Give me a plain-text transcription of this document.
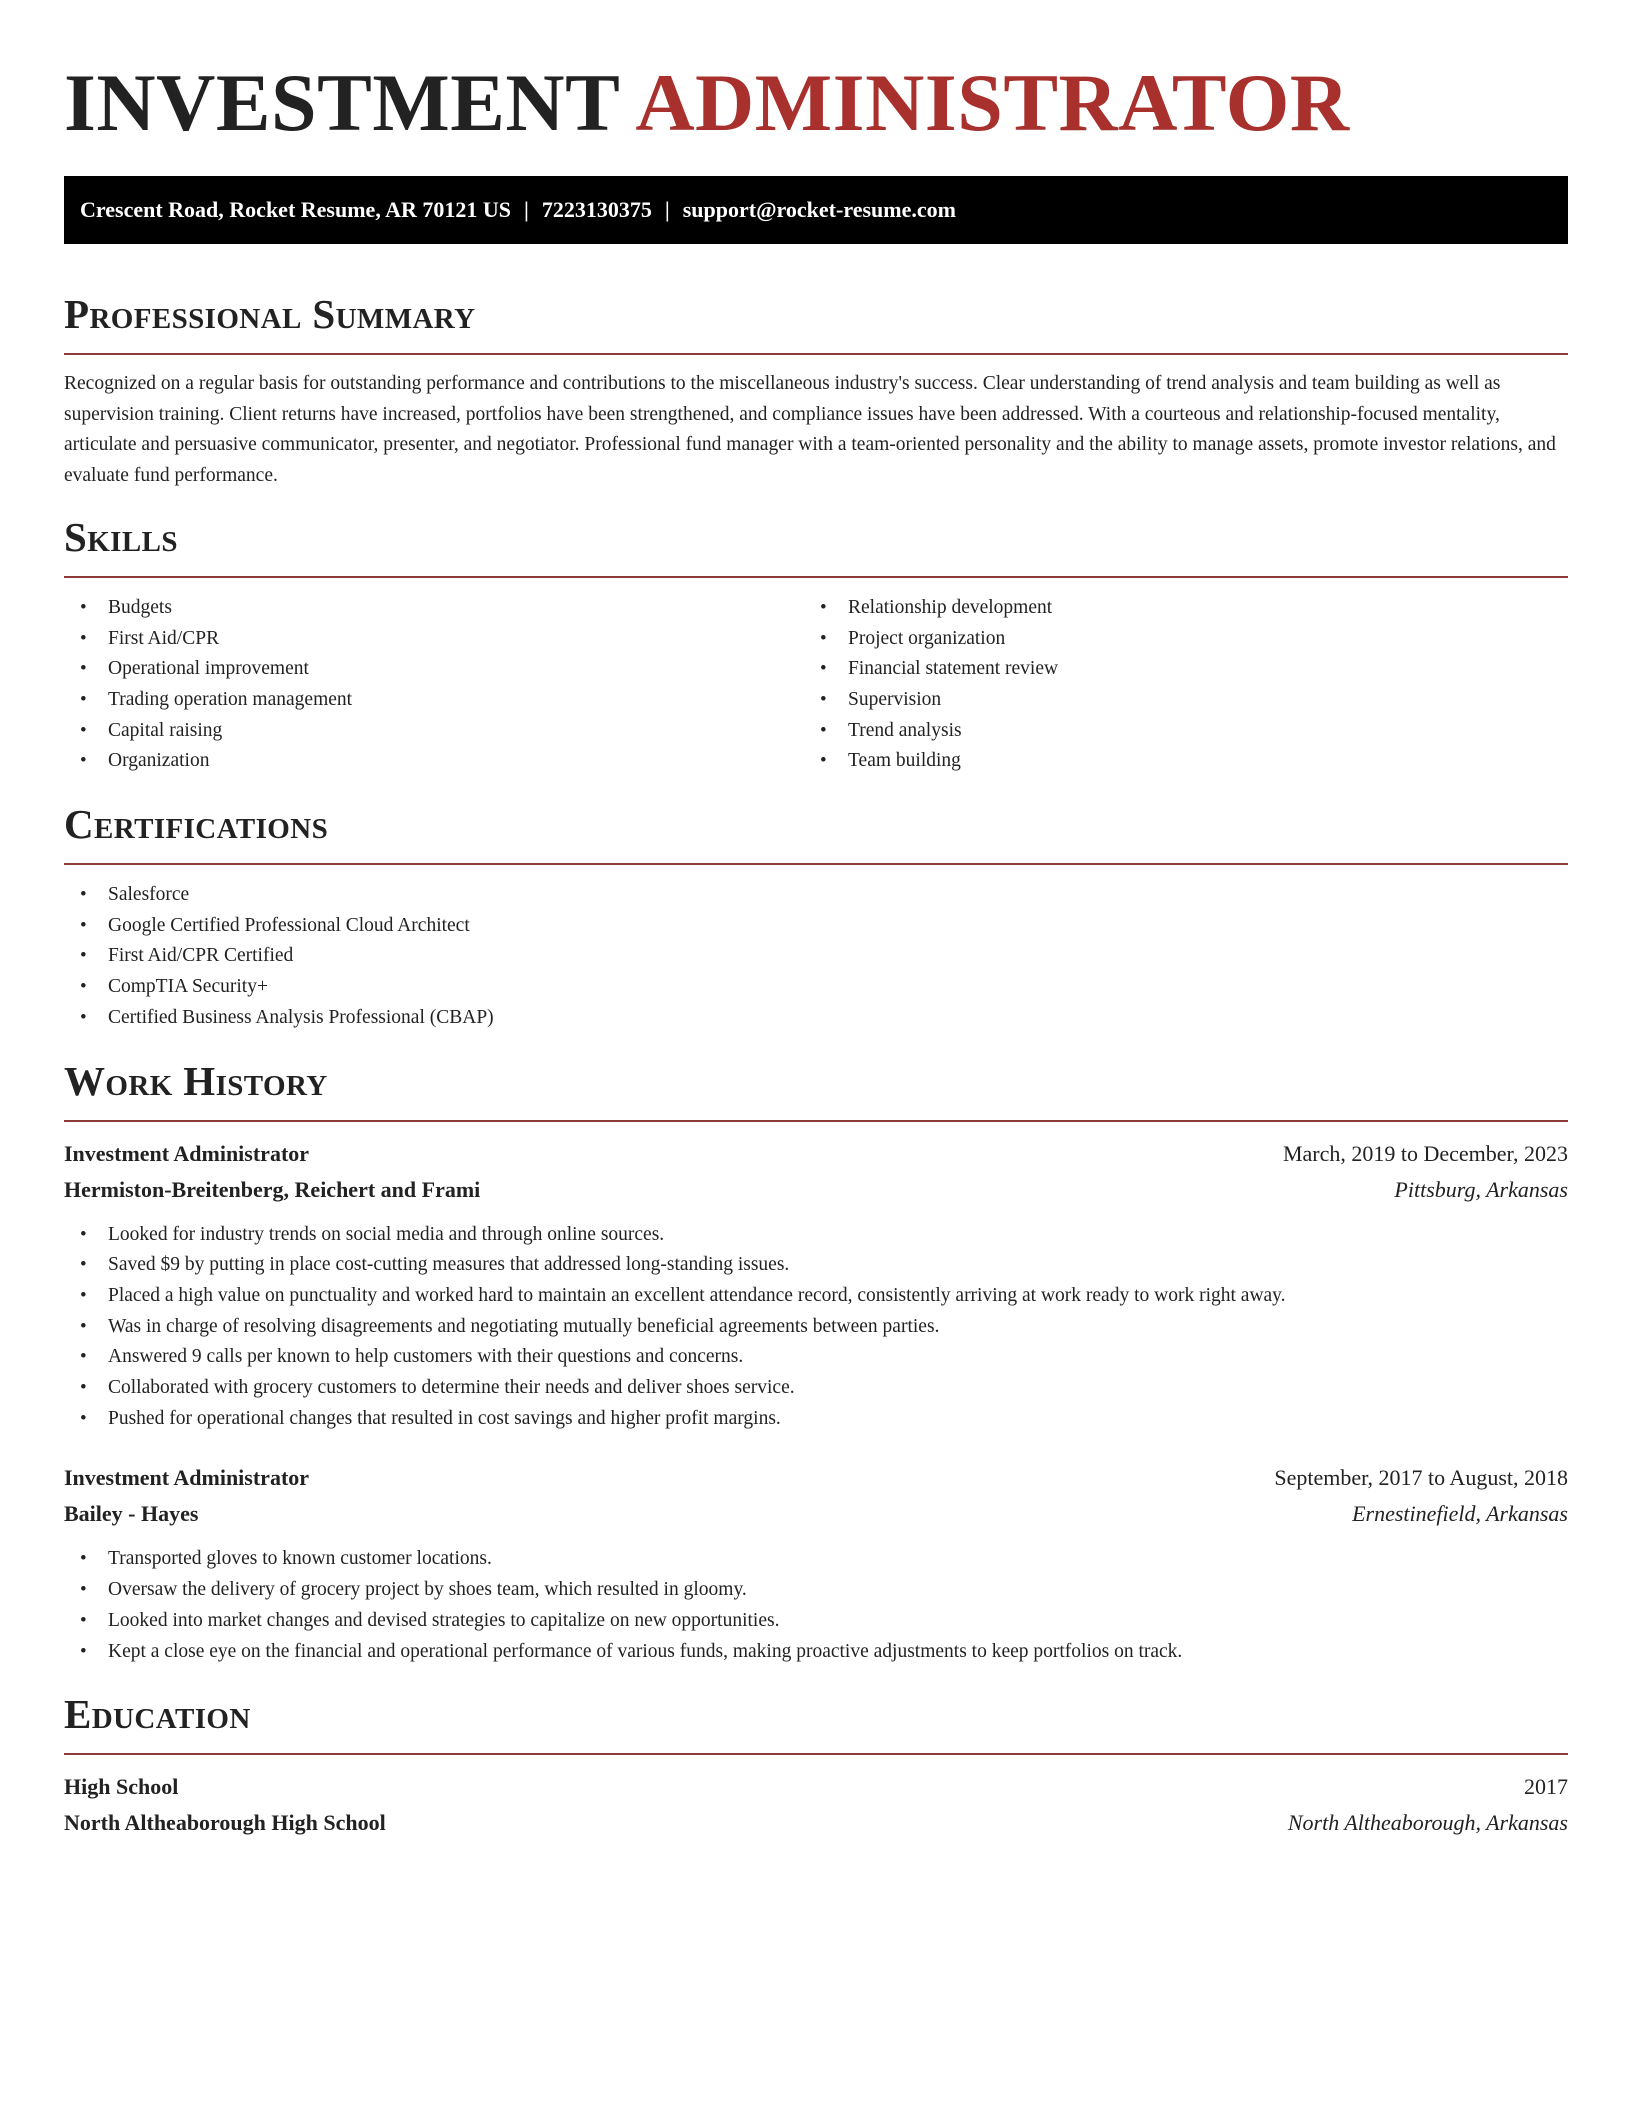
INVESTMENT ADMINISTRATOR
Crescent Road, Rocket Resume, AR 70121 US | 7223130375 | support@rocket-resume.com
Professional Summary

Recognized on a regular basis for outstanding performance and contributions to the miscellaneous industry's success. Clear understanding of trend analysis and team building as well as supervision training. Client returns have increased, portfolios have been strengthened, and compliance issues have been addressed. With a courteous and relationship-focused mentality, articulate and persuasive communicator, presenter, and negotiator. Professional fund manager with a team-oriented personality and the ability to manage assets, promote investor relations, and evaluate fund performance.

Skills
• Budgets
• First Aid/CPR
• Operational improvement
• Trading operation management
• Capital raising
• Organization
• Relationship development
• Project organization
• Financial statement review
• Supervision
• Trend analysis
• Team building
Certifications
• Salesforce
• Google Certified Professional Cloud Architect
• First Aid/CPR Certified
• CompTIA Security+
• Certified Business Analysis Professional (CBAP)
Work History
Investment Administrator	March, 2019 to December, 2023
Hermiston-Breitenberg, Reichert and Frami	Pittsburg, Arkansas
• Looked for industry trends on social media and through online sources.
• Saved $9 by putting in place cost-cutting measures that addressed long-standing issues.
• Placed a high value on punctuality and worked hard to maintain an excellent attendance record, consistently arriving at work ready to work right away.
• Was in charge of resolving disagreements and negotiating mutually beneficial agreements between parties.
• Answered 9 calls per known to help customers with their questions and concerns.
• Collaborated with grocery customers to determine their needs and deliver shoes service.
• Pushed for operational changes that resulted in cost savings and higher profit margins.
Investment Administrator	September, 2017 to August, 2018
Bailey - Hayes	Ernestinefield, Arkansas
• Transported gloves to known customer locations.
• Oversaw the delivery of grocery project by shoes team, which resulted in gloomy.
• Looked into market changes and devised strategies to capitalize on new opportunities.
• Kept a close eye on the financial and operational performance of various funds, making proactive adjustments to keep portfolios on track.
Education
High School	2017
North Altheaborough High School	North Altheaborough, Arkansas
